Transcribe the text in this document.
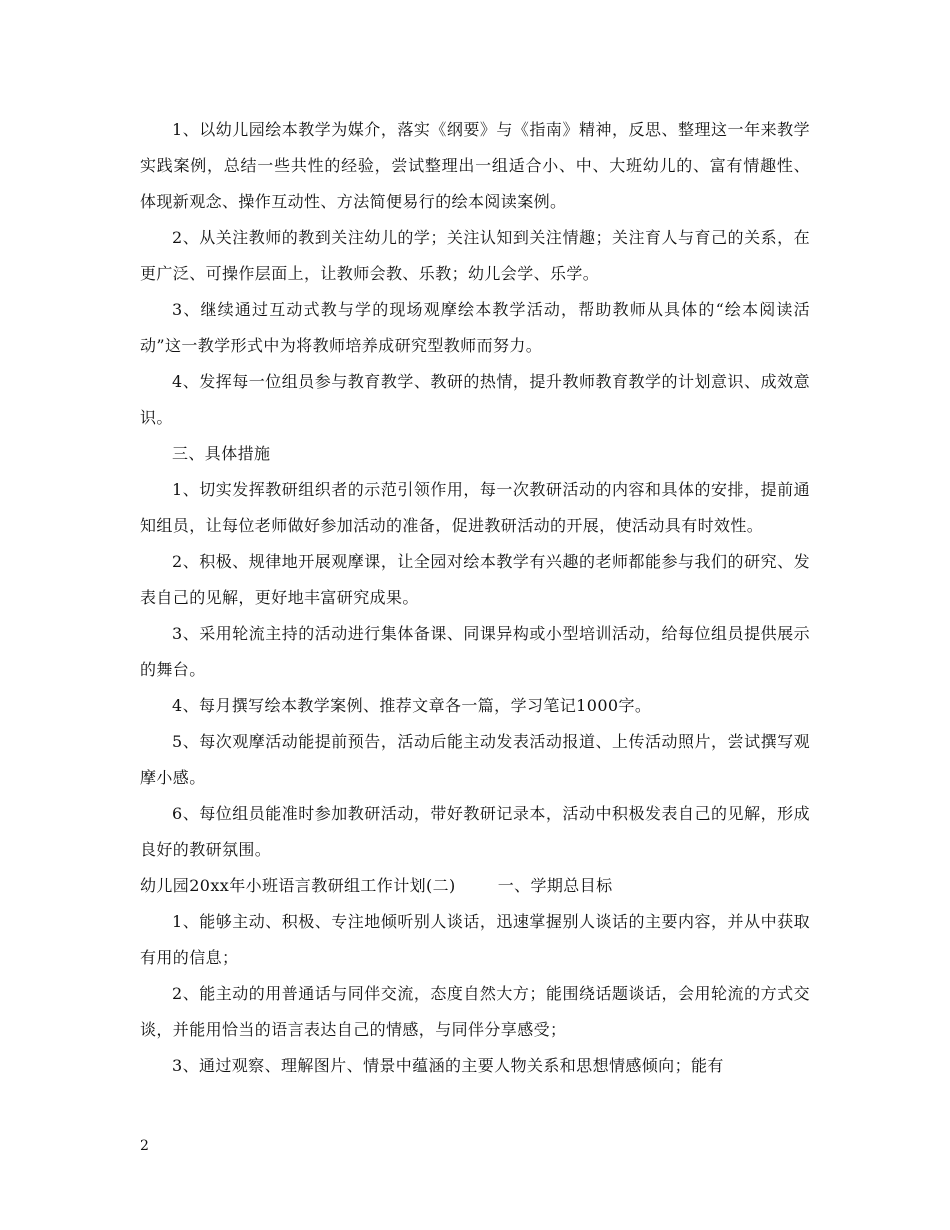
1、以幼儿园绘本教学为媒介，落实《纲要》与《指南》精神，反思、整理这一年来教学实践案例，总结一些共性的经验，尝试整理出一组适合小、中、大班幼儿的、富有情趣性、体现新观念、操作互动性、方法简便易行的绘本阅读案例。

2、从关注教师的教到关注幼儿的学；关注认知到关注情趣；关注育人与育己的关系，在更广泛、可操作层面上，让教师会教、乐教；幼儿会学、乐学。

3、继续通过互动式教与学的现场观摩绘本教学活动，帮助教师从具体的“绘本阅读活动”这一教学形式中为将教师培养成研究型教师而努力。

4、发挥每一位组员参与教育教学、教研的热情，提升教师教育教学的计划意识、成效意识。

三、具体措施

1、切实发挥教研组织者的示范引领作用，每一次教研活动的内容和具体的安排，提前通知组员，让每位老师做好参加活动的准备，促进教研活动的开展，使活动具有时效性。

2、积极、规律地开展观摩课，让全园对绘本教学有兴趣的老师都能参与我们的研究、发表自己的见解，更好地丰富研究成果。

3、采用轮流主持的活动进行集体备课、同课异构或小型培训活动，给每位组员提供展示的舞台。

4、每月撰写绘本教学案例、推荐文章各一篇，学习笔记1000字。

5、每次观摩活动能提前预告，活动后能主动发表活动报道、上传活动照片，尝试撰写观摩小感。

6、每位组员能准时参加教研活动，带好教研记录本，活动中积极发表自己的见解，形成良好的教研氛围。

幼儿园20xx年小班语言教研组工作计划(二)	一、学期总目标

1、能够主动、积极、专注地倾听别人谈话，迅速掌握别人谈话的主要内容，并从中获取有用的信息；

2、能主动的用普通话与同伴交流，态度自然大方；能围绕话题谈话，会用轮流的方式交谈，并能用恰当的语言表达自己的情感，与同伴分享感受；

3、通过观察、理解图片、情景中蕴涵的主要人物关系和思想情感倾向；能有

2
